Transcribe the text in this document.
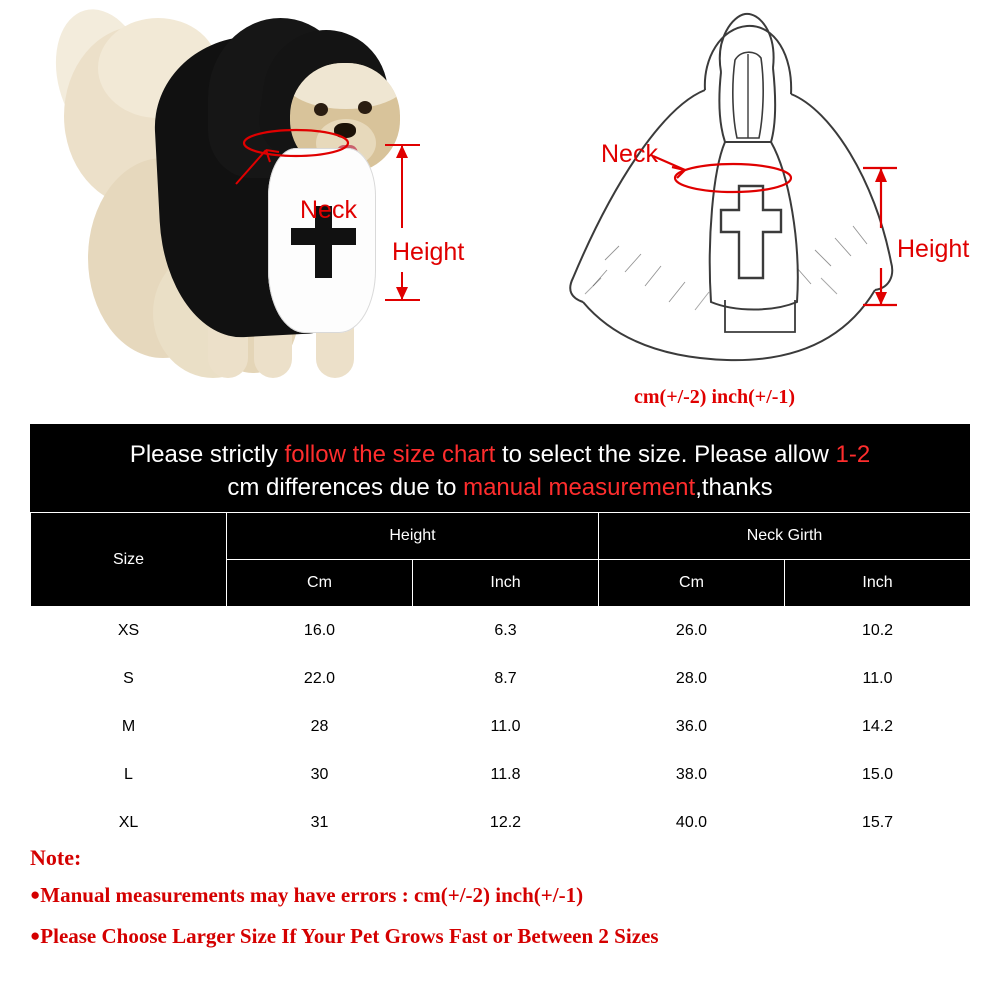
Neck
Height
Neck
Height
cm(+/-2) inch(+/-1)
Please strictly follow the size chart to select the size. Please allow 1-2
cm differences due to manual measurement,thanks
Size	Height		Neck Girth	
	Cm	Inch	Cm	Inch
XS	16.0	6.3	26.0	10.2
S	22.0	8.7	28.0	11.0
M	28	11.0	36.0	14.2
L	30	11.8	38.0	15.0
XL	31	12.2	40.0	15.7
Note:
●Manual measurements may have errors : cm(+/-2) inch(+/-1)
●Please Choose Larger Size If Your Pet Grows Fast or Between 2 Sizes
